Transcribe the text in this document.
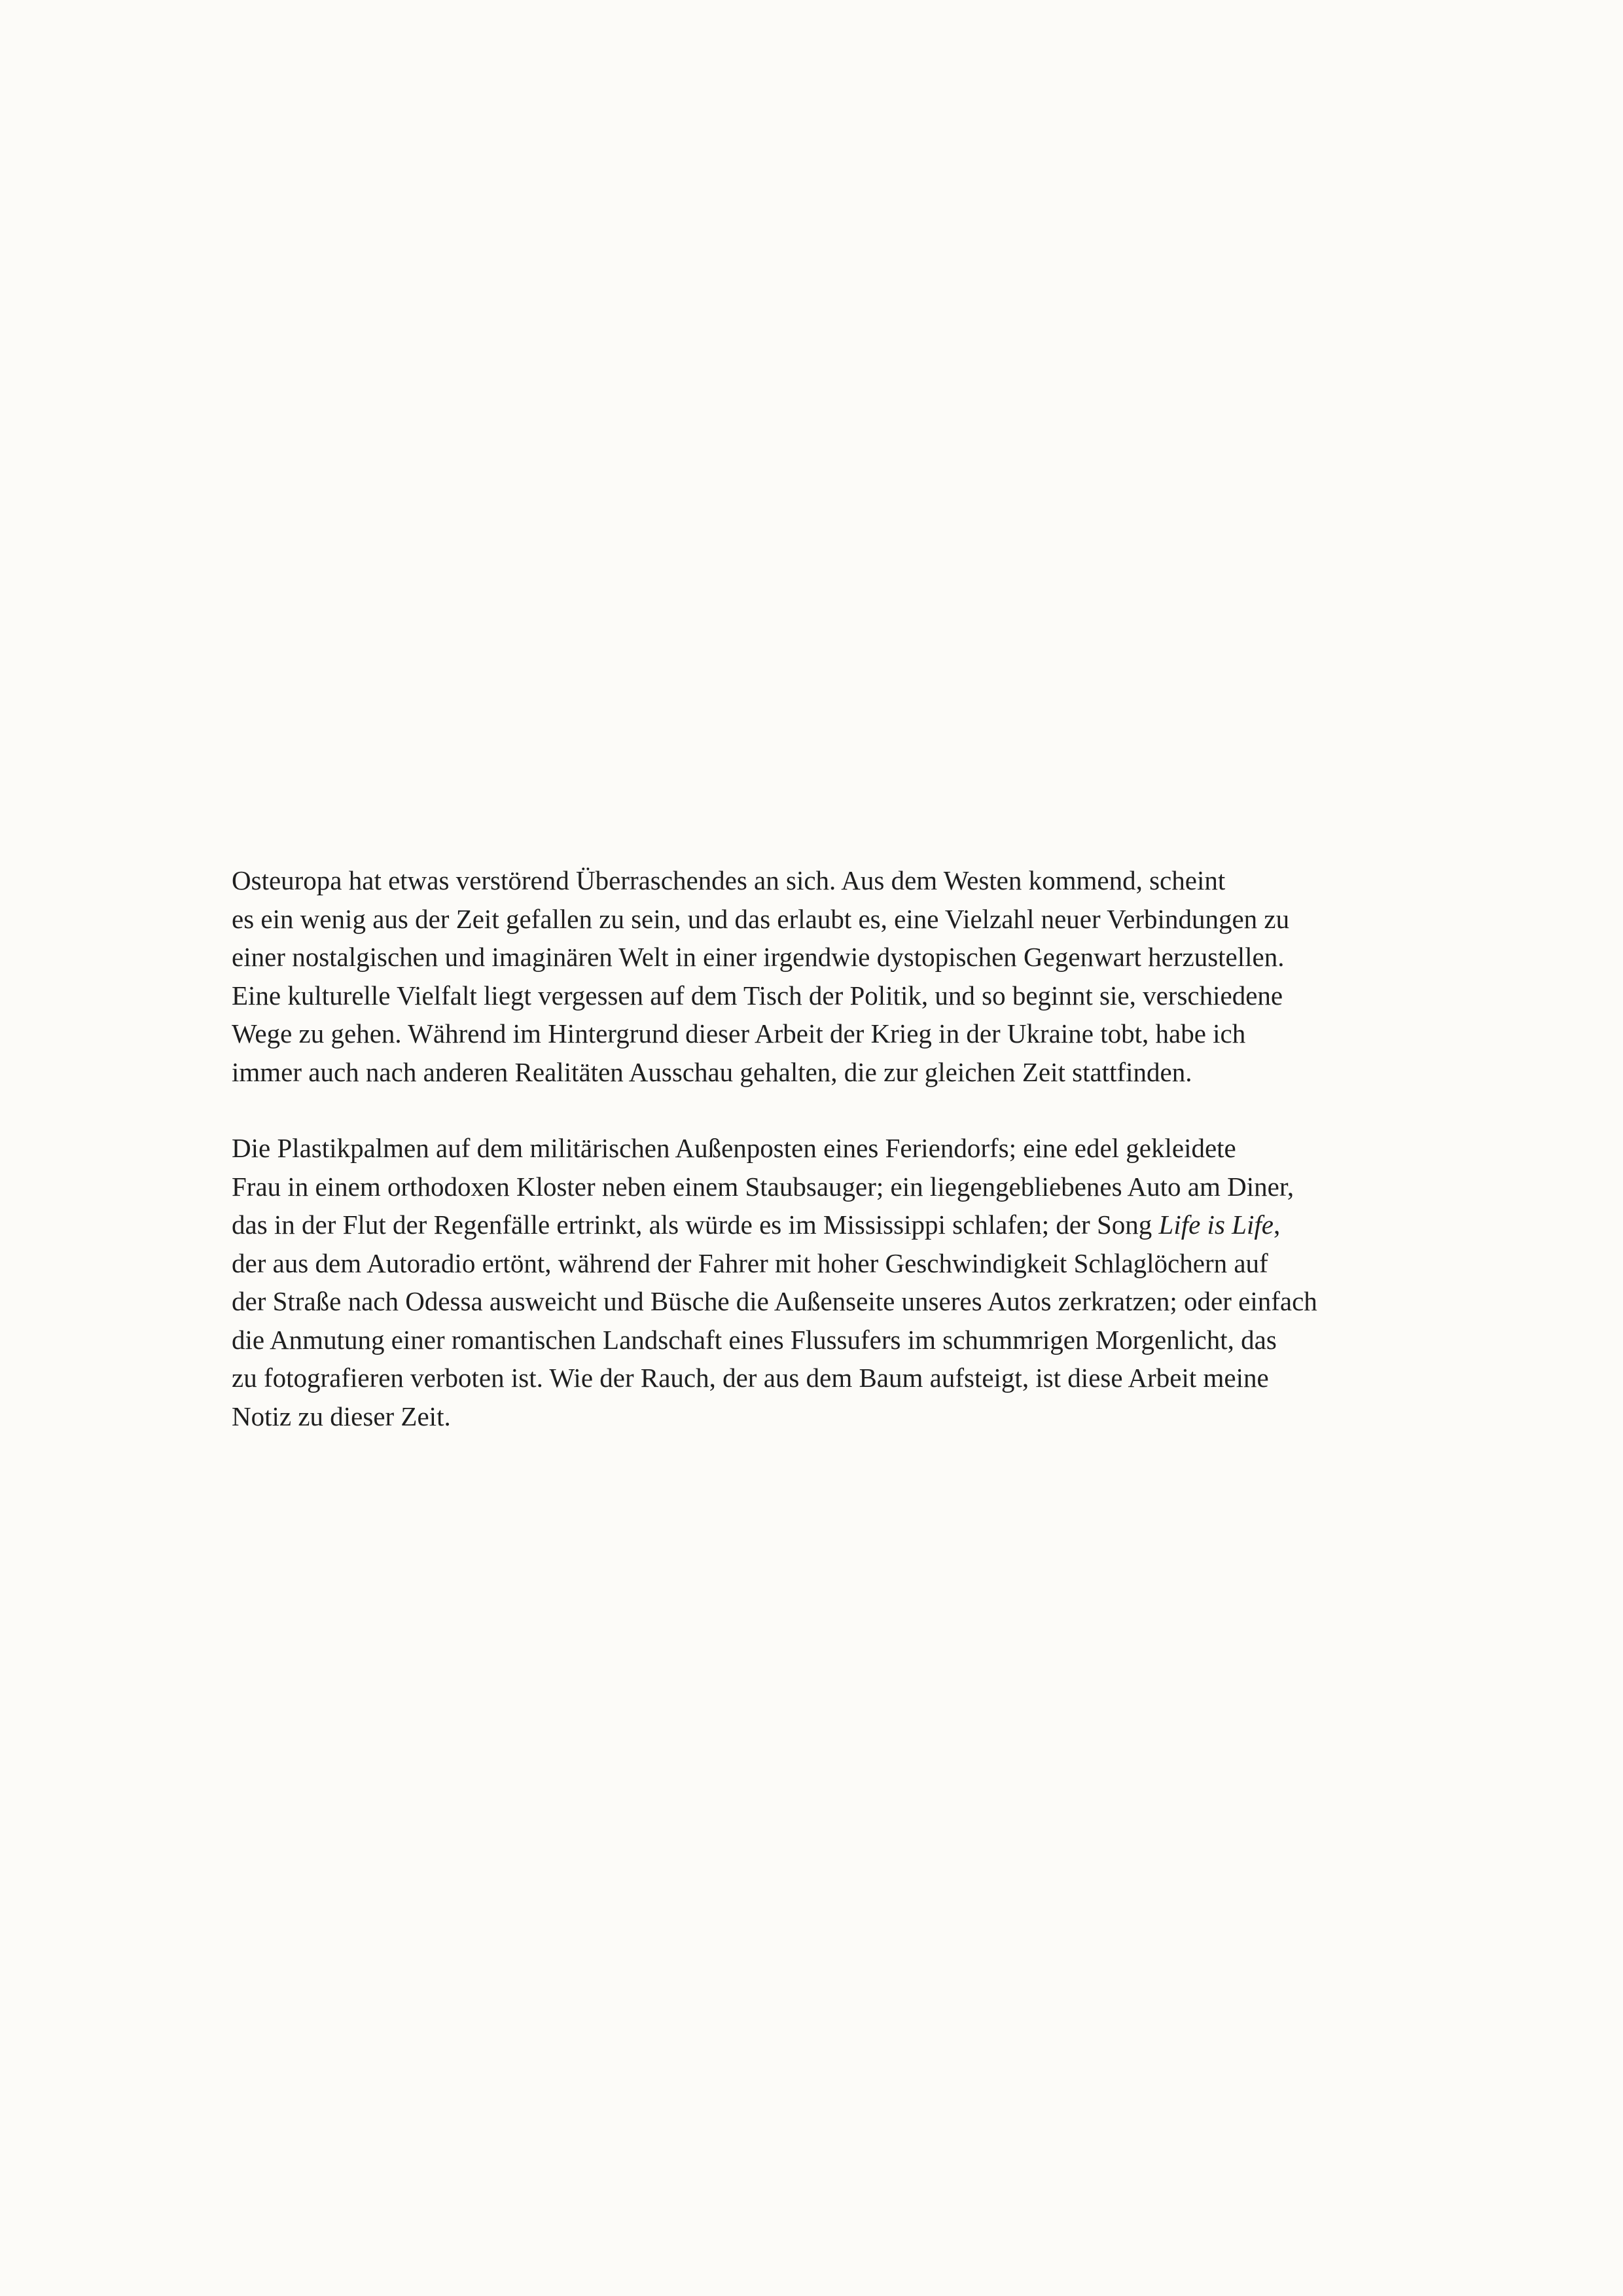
Osteuropa hat etwas verstörend Überraschendes an sich. Aus dem Westen kommend, scheint
es ein wenig aus der Zeit gefallen zu sein, und das erlaubt es, eine Vielzahl neuer Verbindungen zu
einer nostalgischen und imaginären Welt in einer irgendwie dystopischen Gegenwart herzustellen.
Eine kulturelle Vielfalt liegt vergessen auf dem Tisch der Politik, und so beginnt sie, verschiedene
Wege zu gehen. Während im Hintergrund dieser Arbeit der Krieg in der Ukraine tobt, habe ich
immer auch nach anderen Realitäten Ausschau gehalten, die zur gleichen Zeit stattfinden.

Die Plastikpalmen auf dem militärischen Außenposten eines Feriendorfs; eine edel gekleidete
Frau in einem orthodoxen Kloster neben einem Staubsauger; ein liegengebliebenes Auto am Diner,
das in der Flut der Regenfälle ertrinkt, als würde es im Mississippi schlafen; der Song Life is Life,
der aus dem Autoradio ertönt, während der Fahrer mit hoher Geschwindigkeit Schlaglöchern auf
der Straße nach Odessa ausweicht und Büsche die Außenseite unseres Autos zerkratzen; oder einfach
die Anmutung einer romantischen Landschaft eines Flussufers im schummrigen Morgenlicht, das
zu fotografieren verboten ist. Wie der Rauch, der aus dem Baum aufsteigt, ist diese Arbeit meine
Notiz zu dieser Zeit.
